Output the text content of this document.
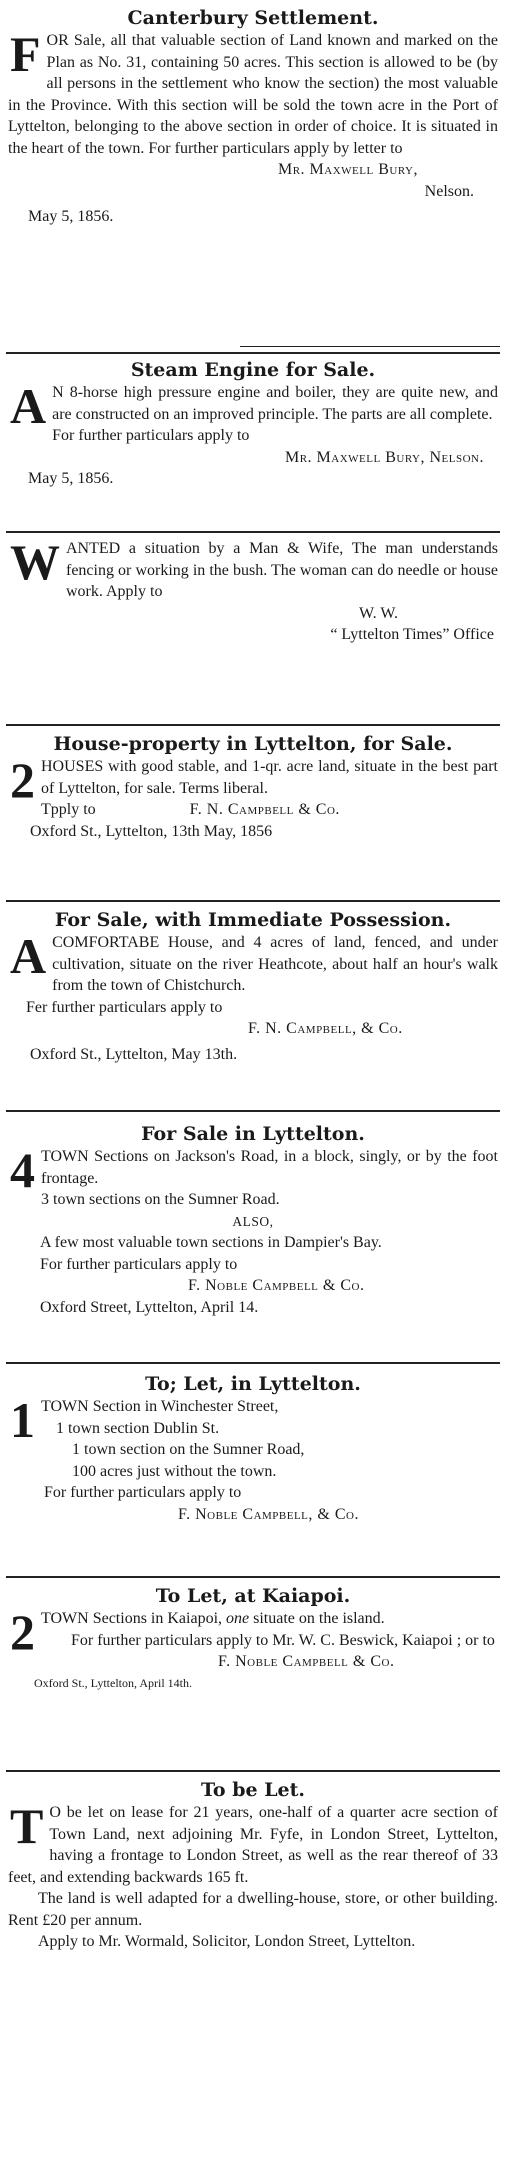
Canterbury Settlement.
F OR Sale, all that valuable section of Land known and marked on the Plan as No. 31, containing 50 acres. This section is allowed to be (by all persons in the settlement who know the section) the most valuable in the Province. With this section will be sold the town acre in the Port of Lyttelton, belonging to the above section in order of choice. It is situated in the heart of the town. For further particulars apply by letter to
Mr. Maxwell Bury,
Nelson.
May 5, 1856.
Steam Engine for Sale.
A N 8-horse high pressure engine and boiler, they are quite new, and are constructed on an improved principle. The parts are all complete.
For further particulars apply to
Mr. Maxwell Bury, Nelson.
May 5, 1856.
W ANTED a situation by a Man & Wife, The man understands fencing or working in the bush. The woman can do needle or house work. Apply to
W. W.
“ Lyttelton Times” Office
House-property in Lyttelton, for Sale.
2 HOUSES with good stable, and 1-qr. acre land, situate in the best part of Lyttelton, for sale. Terms liberal.
Tpply to	F. N. Campbell & Co.
Oxford St., Lyttelton, 13th May, 1856
For Sale, with Immediate Possession.
A COMFORTABE House, and 4 acres of land, fenced, and under cultivation, situate on the river Heathcote, about half an hour's walk from the town of Chistchurch.
Fer further particulars apply to
F. N. Campbell, & Co.
Oxford St., Lyttelton, May 13th.
For Sale in Lyttelton.
4 TOWN Sections on Jackson's Road, in a block, singly, or by the foot frontage.
3 town sections on the Sumner Road.
ALSO,
A few most valuable town sections in Dampier's Bay.
For further particulars apply to
F. Noble Campbell & Co.
Oxford Street, Lyttelton, April 14.
To; Let, in Lyttelton.
1 TOWN Section in Winchester Street,
1 town section Dublin St.
1 town section on the Sumner Road,
100 acres just without the town.
For further particulars apply to
F. Noble Campbell, & Co.
To Let, at Kaiapoi.
2 TOWN Sections in Kaiapoi, one situate on the island.
For further particulars apply to Mr. W. C. Beswick, Kaiapoi ; or to
F. Noble Campbell & Co.
Oxford St., Lyttelton, April 14th.
To be Let.
T O be let on lease for 21 years, one-half of a quarter acre section of Town Land, next adjoining Mr. Fyfe, in London Street, Lyttelton, having a frontage to London Street, as well as the rear thereof of 33 feet, and extending backwards 165 ft.
The land is well adapted for a dwelling-house, store, or other building. Rent £20 per annum.
Apply to Mr. Wormald, Solicitor, London Street, Lyttelton.
